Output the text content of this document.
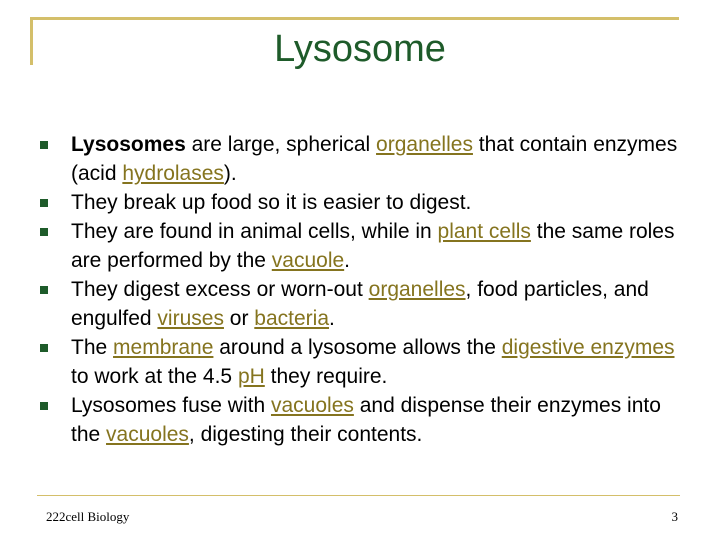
Lysosome
Lysosomes are large, spherical organelles that contain enzymes (acid hydrolases).
They break up food so it is easier to digest.
They are found in animal cells, while in plant cells the same roles are performed by the vacuole.
They digest excess or worn-out organelles, food particles, and engulfed viruses or bacteria.
The membrane around a lysosome allows the digestive enzymes to work at the 4.5 pH they require.
Lysosomes fuse with vacuoles and dispense their enzymes into the vacuoles, digesting their contents.
222cell Biology	3
